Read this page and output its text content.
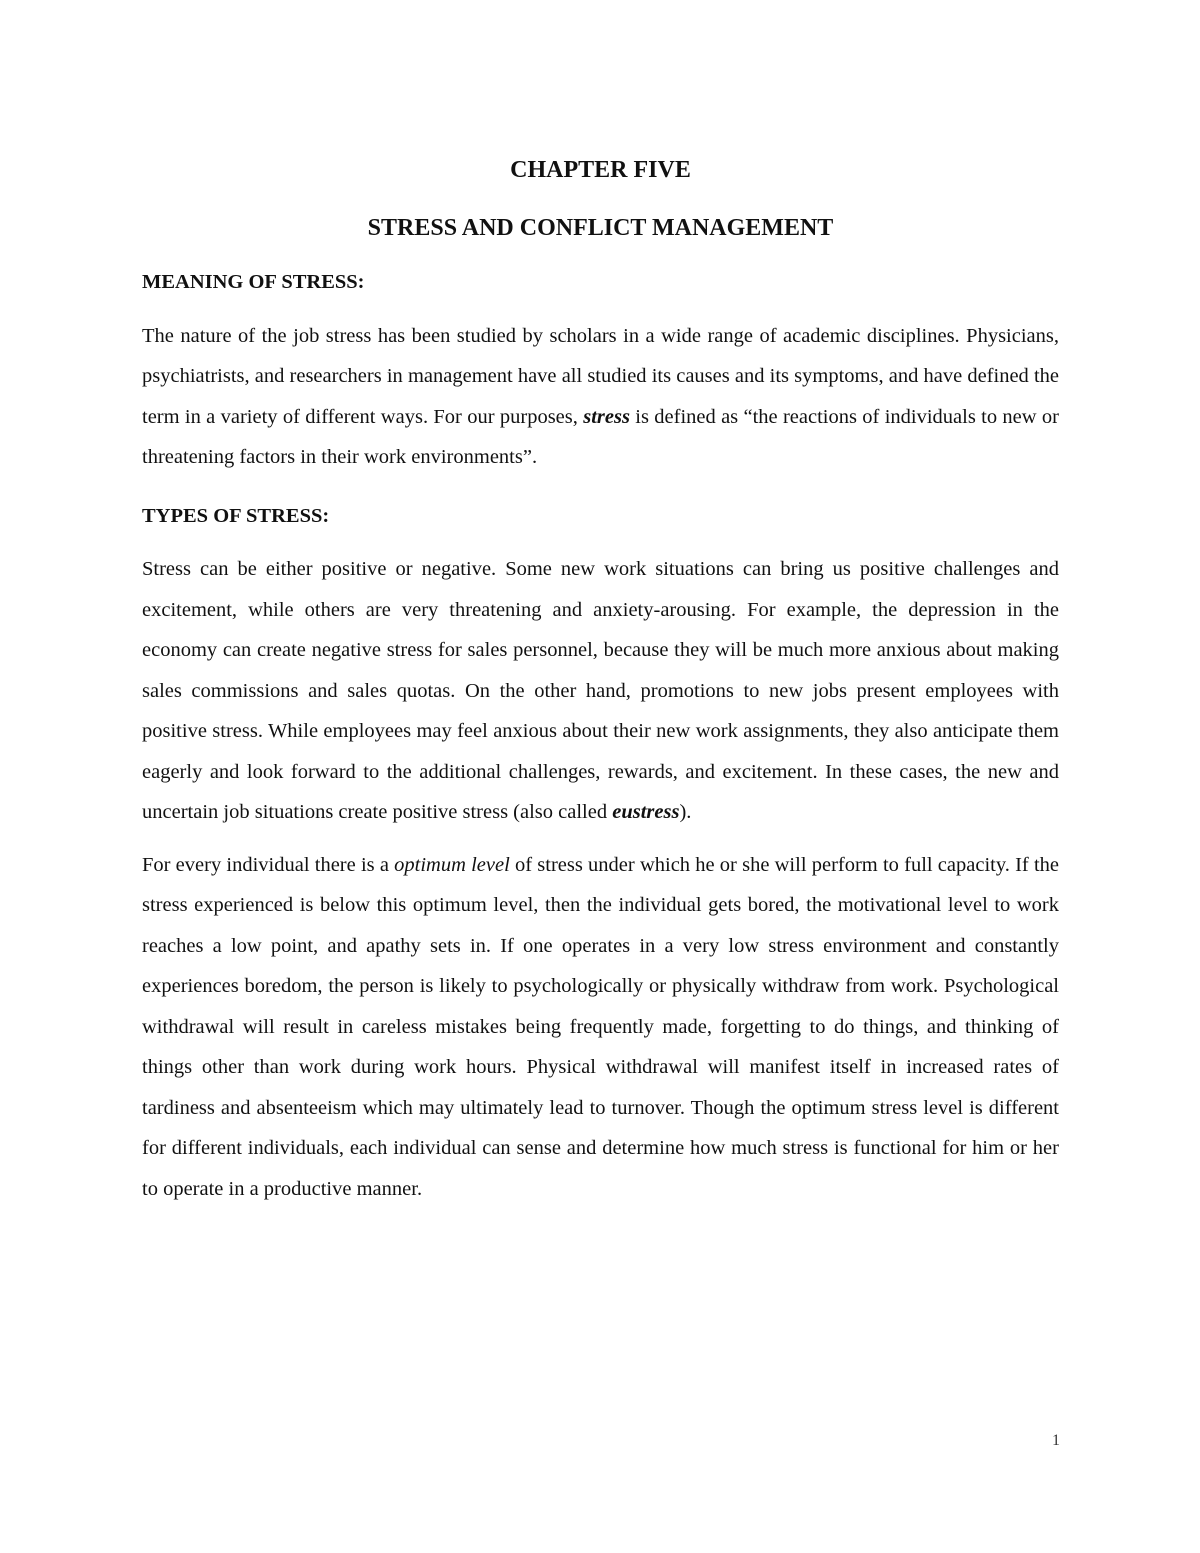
CHAPTER FIVE
STRESS AND CONFLICT MANAGEMENT
MEANING OF STRESS:

The nature of the job stress has been studied by scholars in a wide range of academic disciplines. Physicians, psychiatrists, and researchers in management have all studied its causes and its symptoms, and have defined the term in a variety of different ways. For our purposes, stress is defined as “the reactions of individuals to new or threatening factors in their work environments”.

TYPES OF STRESS:

Stress can be either positive or negative. Some new work situations can bring us positive challenges and excitement, while others are very threatening and anxiety-arousing. For example, the depression in the economy can create negative stress for sales personnel, because they will be much more anxious about making sales commissions and sales quotas. On the other hand, promotions to new jobs present employees with positive stress. While employees may feel anxious about their new work assignments, they also anticipate them eagerly and look forward to the additional challenges, rewards, and excitement. In these cases, the new and uncertain job situations create positive stress (also called eustress).

For every individual there is a optimum level of stress under which he or she will perform to full capacity. If the stress experienced is below this optimum level, then the individual gets bored, the motivational level to work reaches a low point, and apathy sets in. If one operates in a very low stress environment and constantly experiences boredom, the person is likely to psychologically or physically withdraw from work. Psychological withdrawal will result in careless mistakes being frequently made, forgetting to do things, and thinking of things other than work during work hours. Physical withdrawal will manifest itself in increased rates of tardiness and absenteeism which may ultimately lead to turnover. Though the optimum stress level is different for different individuals, each individual can sense and determine how much stress is functional for him or her to operate in a productive manner.

1
